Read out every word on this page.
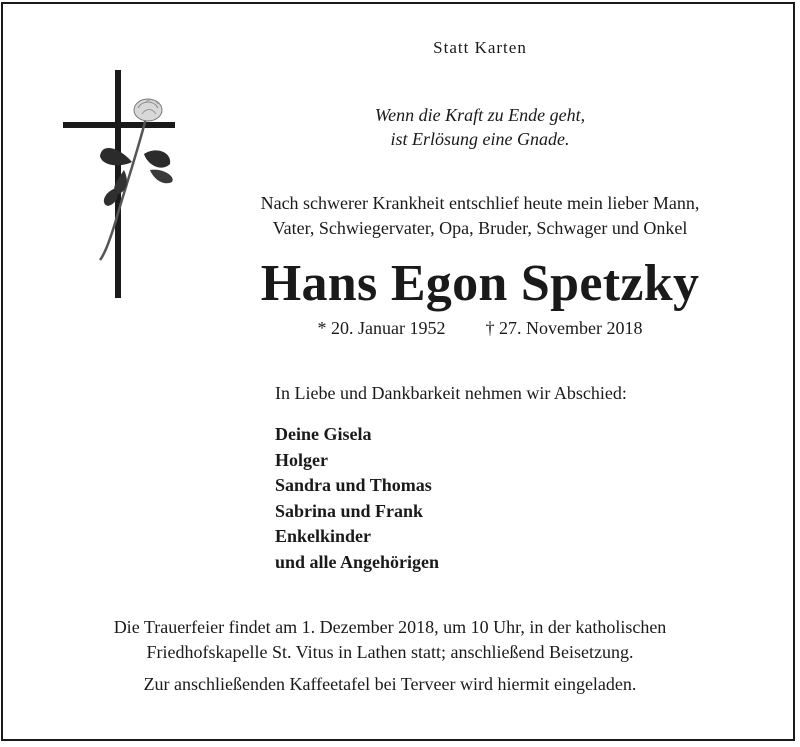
Statt Karten
Wenn die Kraft zu Ende geht,
ist Erlösung eine Gnade.
Nach schwerer Krankheit entschlief heute mein lieber Mann,
Vater, Schwiegervater, Opa, Bruder, Schwager und Onkel
Hans Egon Spetzky
* 20. Januar 1952 † 27. November 2018
In Liebe und Dankbarkeit nehmen wir Abschied:
Deine Gisela
Holger
Sandra und Thomas
Sabrina und Frank
Enkelkinder
und alle Angehörigen
Die Trauerfeier findet am 1. Dezember 2018, um 10 Uhr, in der katholischen
Friedhofskapelle St. Vitus in Lathen statt; anschließend Beisetzung.
Zur anschließenden Kaffeetafel bei Terveer wird hiermit eingeladen.
